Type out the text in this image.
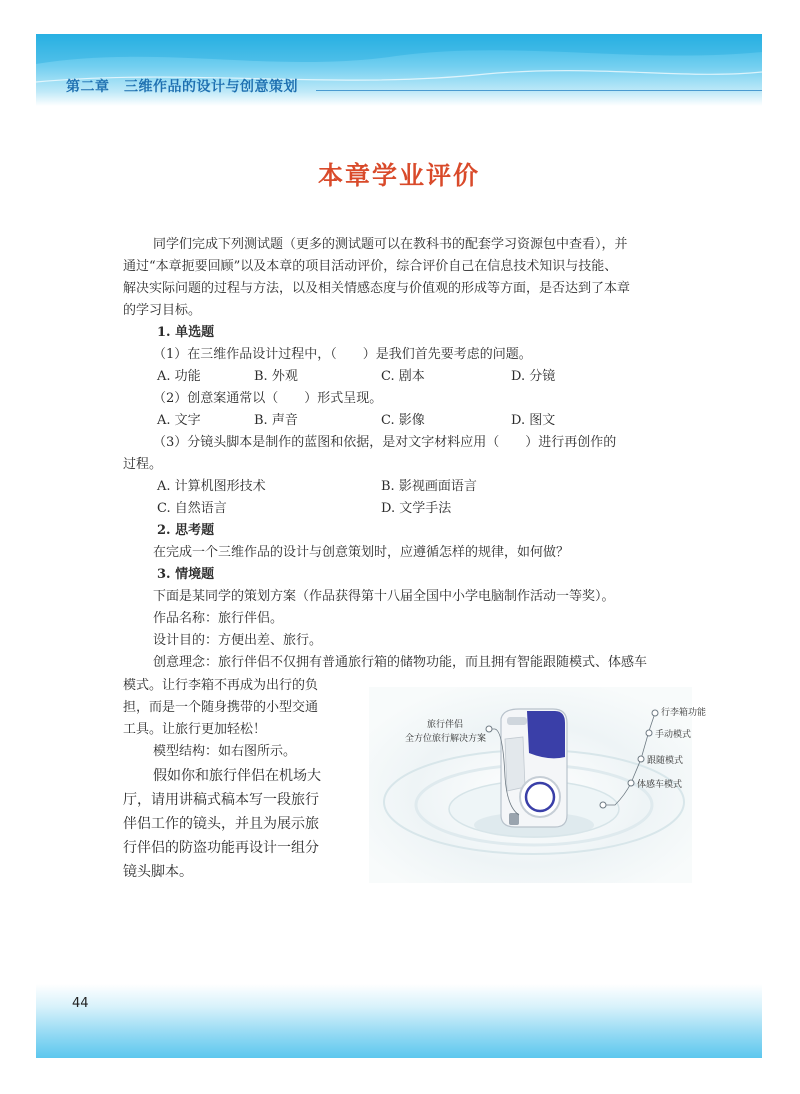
第二章　三维作品的设计与创意策划
本章学业评价
同学们完成下列测试题（更多的测试题可以在教科书的配套学习资源包中查看），并
通过“本章扼要回顾”以及本章的项目活动评价，综合评价自己在信息技术知识与技能、
解决实际问题的过程与方法，以及相关情感态度与价值观的形成等方面，是否达到了本章
的学习目标。
1. 单选题
（1）在三维作品设计过程中，（　　）是我们首先要考虑的问题。
A. 功能	B. 外观	C. 剧本	D. 分镜
（2）创意案通常以（　　）形式呈现。
A. 文字	B. 声音	C. 影像	D. 图文
（3）分镜头脚本是制作的蓝图和依据，是对文字材料应用（　　）进行再创作的
过程。
A. 计算机图形技术	B. 影视画面语言
C. 自然语言	D. 文学手法
2. 思考题
在完成一个三维作品的设计与创意策划时，应遵循怎样的规律，如何做？
3. 情境题
下面是某同学的策划方案（作品获得第十八届全国中小学电脑制作活动一等奖）。
作品名称：旅行伴侣。
设计目的：方便出差、旅行。
创意理念：旅行伴侣不仅拥有普通旅行箱的储物功能，而且拥有智能跟随模式、体感车
模式。让行李箱不再成为出行的负
担，而是一个随身携带的小型交通
工具。让旅行更加轻松！
模型结构：如右图所示。
假如你和旅行伴侣在机场大
厅，请用讲稿式稿本写一段旅行
伴侣工作的镜头，并且为展示旅
行伴侣的防盗功能再设计一组分
镜头脚本。
旅行伴侣
全方位旅行解决方案
行李箱功能
手动模式
跟随模式
体感车模式
44
